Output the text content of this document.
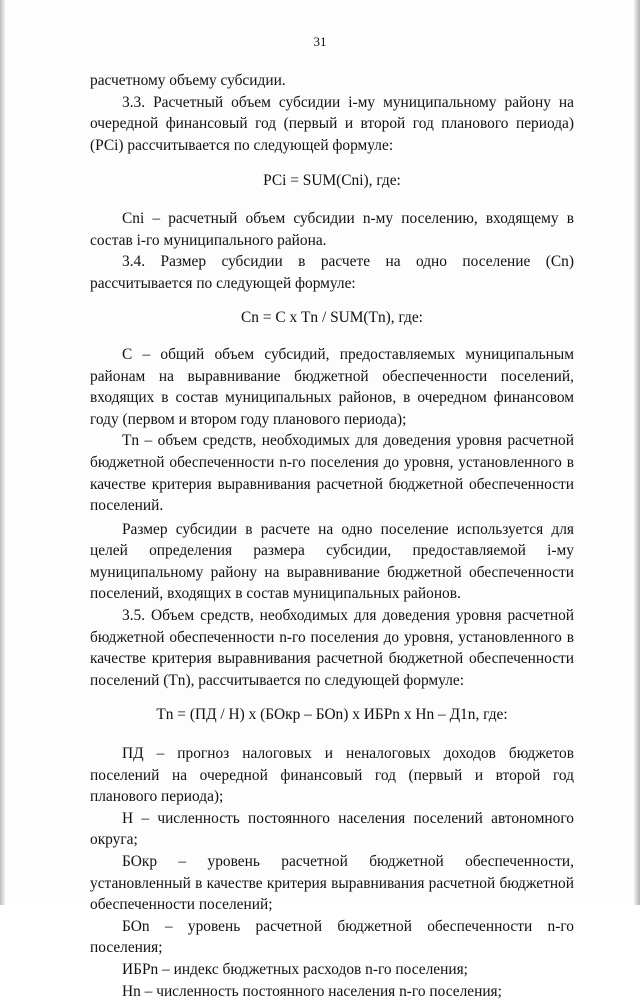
31

расчетному объему субсидии.

3.3. Расчетный объем субсидии i-му муниципальному району на очередной финансовый год (первый и второй год планового периода) (РСi) рассчитывается по следующей формуле:

РСi = SUM(Сni), где:

Сni – расчетный объем субсидии n-му поселению, входящему в состав i-го муниципального района.

3.4. Размер субсидии в расчете на одно поселение (Сn) рассчитывается по следующей формуле:

Сn = С x Тn / SUM(Тn), где:

С – общий объем субсидий, предоставляемых муниципальным районам на выравнивание бюджетной обеспеченности поселений, входящих в состав муниципальных районов, в очередном финансовом году (первом и втором году планового периода);

Тn – объем средств, необходимых для доведения уровня расчетной бюджетной обеспеченности n-го поселения до уровня, установленного в качестве критерия выравнивания расчетной бюджетной обеспеченности поселений.

Размер субсидии в расчете на одно поселение используется для целей определения размера субсидии, предоставляемой i-му муниципальному району на выравнивание бюджетной обеспеченности поселений, входящих в состав муниципальных районов.

3.5. Объем средств, необходимых для доведения уровня расчетной бюджетной обеспеченности n-го поселения до уровня, установленного в качестве критерия выравнивания расчетной бюджетной обеспеченности поселений (Тn), рассчитывается по следующей формуле:

Тn = (ПД / Н) x (БОкр – БОn) x ИБРn x Нn – Д1n, где:

ПД – прогноз налоговых и неналоговых доходов бюджетов поселений на очередной финансовый год (первый и второй год планового периода);

Н – численность постоянного населения поселений автономного округа;

БОкр – уровень расчетной бюджетной обеспеченности, установленный в качестве критерия выравнивания расчетной бюджетной обеспеченности поселений;

БОn – уровень расчетной бюджетной обеспеченности n-го поселения;

ИБРn – индекс бюджетных расходов n-го поселения;

Нn – численность постоянного населения n-го поселения;
